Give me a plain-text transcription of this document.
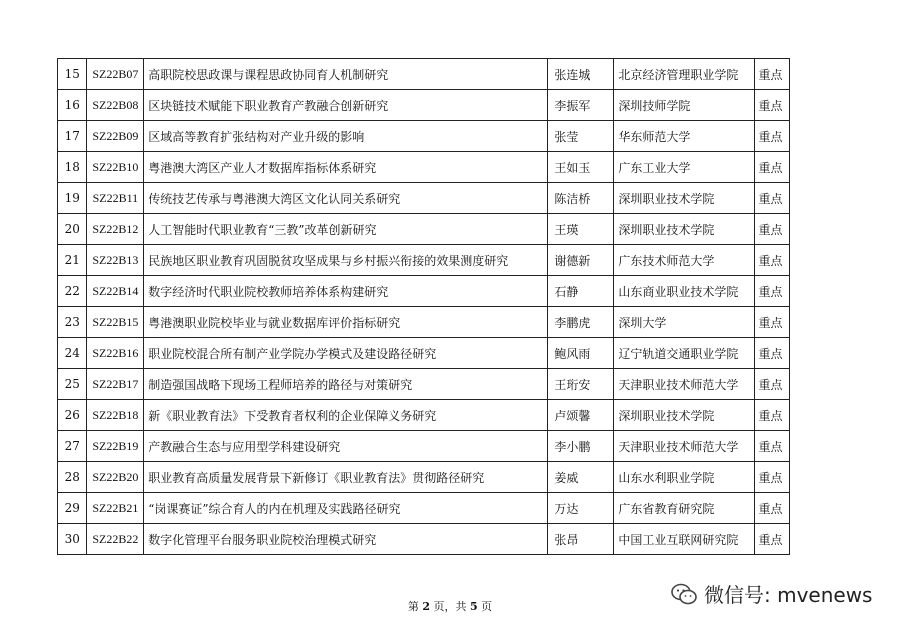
15	SZ22B07	高职院校思政课与课程思政协同育人机制研究	张连城	北京经济管理职业学院	重点
16	SZ22B08	区块链技术赋能下职业教育产教融合创新研究	李振军	深圳技师学院	重点
17	SZ22B09	区域高等教育扩张结构对产业升级的影响	张莹	华东师范大学	重点
18	SZ22B10	粤港澳大湾区产业人才数据库指标体系研究	王如玉	广东工业大学	重点
19	SZ22B11	传统技艺传承与粤港澳大湾区文化认同关系研究	陈洁桥	深圳职业技术学院	重点
20	SZ22B12	人工智能时代职业教育“三教”改革创新研究	王瑛	深圳职业技术学院	重点
21	SZ22B13	民族地区职业教育巩固脱贫攻坚成果与乡村振兴衔接的效果测度研究	谢德新	广东技术师范大学	重点
22	SZ22B14	数字经济时代职业院校教师培养体系构建研究	石静	山东商业职业技术学院	重点
23	SZ22B15	粤港澳职业院校毕业与就业数据库评价指标研究	李鹏虎	深圳大学	重点
24	SZ22B16	职业院校混合所有制产业学院办学模式及建设路径研究	鲍风雨	辽宁轨道交通职业学院	重点
25	SZ22B17	制造强国战略下现场工程师培养的路径与对策研究	王珩安	天津职业技术师范大学	重点
26	SZ22B18	新《职业教育法》下受教育者权利的企业保障义务研究	卢颂馨	深圳职业技术学院	重点
27	SZ22B19	产教融合生态与应用型学科建设研究	李小鹏	天津职业技术师范大学	重点
28	SZ22B20	职业教育高质量发展背景下新修订《职业教育法》贯彻路径研究	姜威	山东水利职业学院	重点
29	SZ22B21	“岗课赛证”综合育人的内在机理及实践路径研究	万达	广东省教育研究院	重点
30	SZ22B22	数字化管理平台服务职业院校治理模式研究	张昂	中国工业互联网研究院	重点
第 2 页，共 5 页	微信号: mvenews
